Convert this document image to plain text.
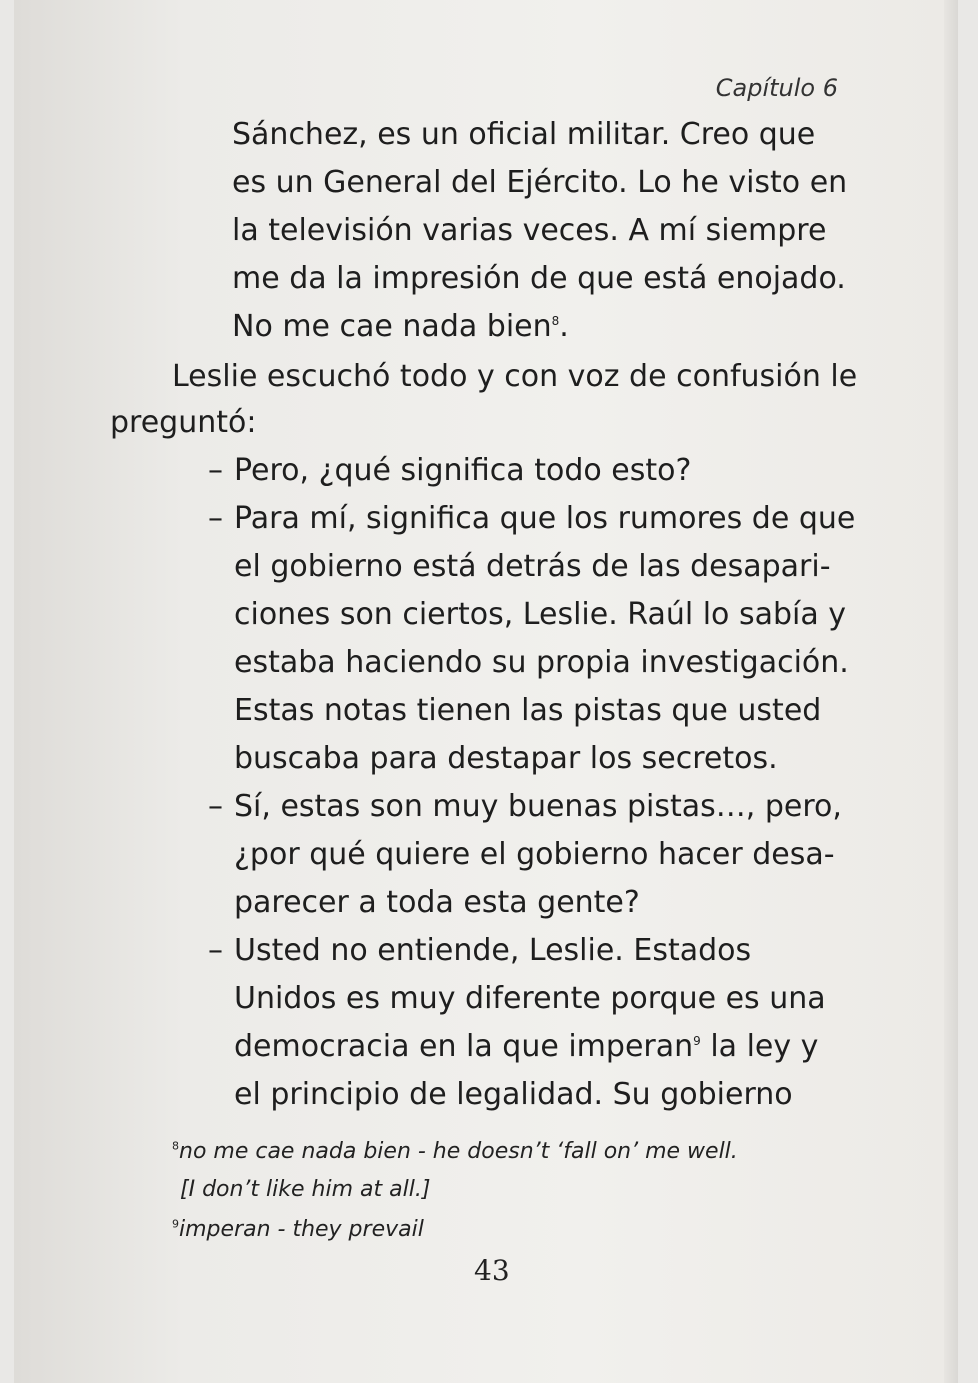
Capítulo 6
Sánchez, es un oficial militar. Creo que
es un General del Ejército. Lo he visto en
la televisión varias veces. A mí siempre
me da la impresión de que está enojado.
No me cae nada bien$^8$.
Leslie escuchó todo y con voz de confusión le
preguntó:
– Pero, ¿qué significa todo esto?
– Para mí, significa que los rumores de que
el gobierno está detrás de las desapari-
ciones son ciertos, Leslie. Raúl lo sabía y
estaba haciendo su propia investigación.
Estas notas tienen las pistas que usted
buscaba para destapar los secretos.
– Sí, estas son muy buenas pistas…, pero,
¿por qué quiere el gobierno hacer desa-
parecer a toda esta gente?
– Usted no entiende, Leslie. Estados
Unidos es muy diferente porque es una
democracia en la que imperan$^9$ la ley y
el principio de legalidad. Su gobierno
$^8$no me cae nada bien - he doesn’t ‘fall on’ me well.
[I don’t like him at all.]
$^9$imperan - they prevail
43
